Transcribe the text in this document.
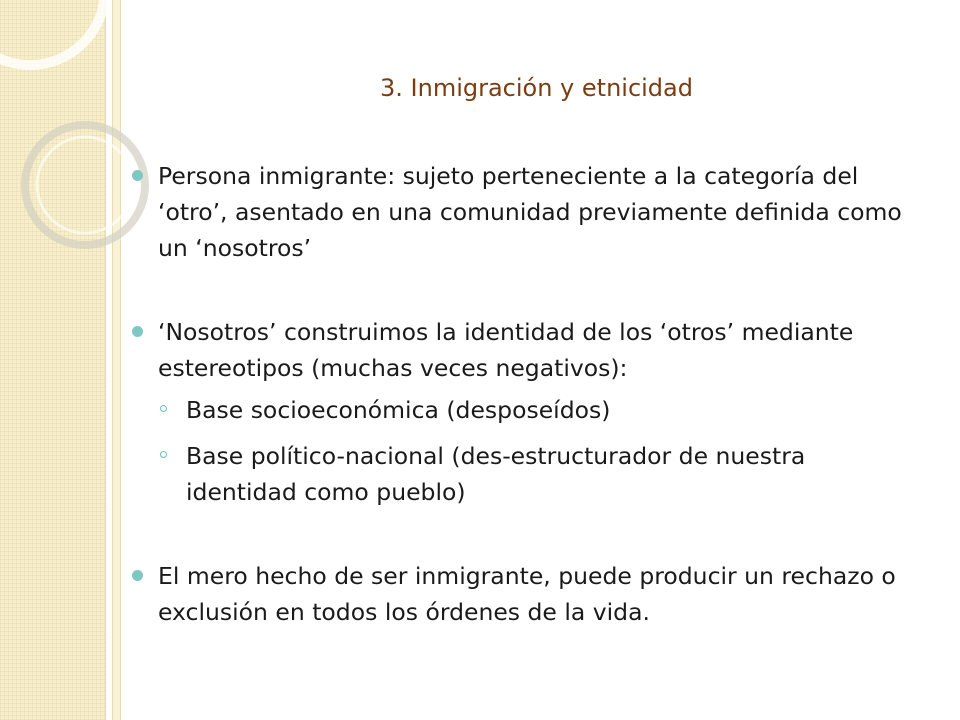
3. Inmigración y etnicidad
Persona inmigrante: sujeto perteneciente a la categoría del ‘otro’, asentado en una comunidad previamente definida como un ‘nosotros’
‘Nosotros’ construimos la identidad de los ‘otros’ mediante estereotipos (muchas veces negativos):
Base socioeconómica (desposeídos)
Base político-nacional (des-estructurador de nuestra identidad como pueblo)
El mero hecho de ser inmigrante, puede producir un rechazo o exclusión en todos los órdenes de la vida.
